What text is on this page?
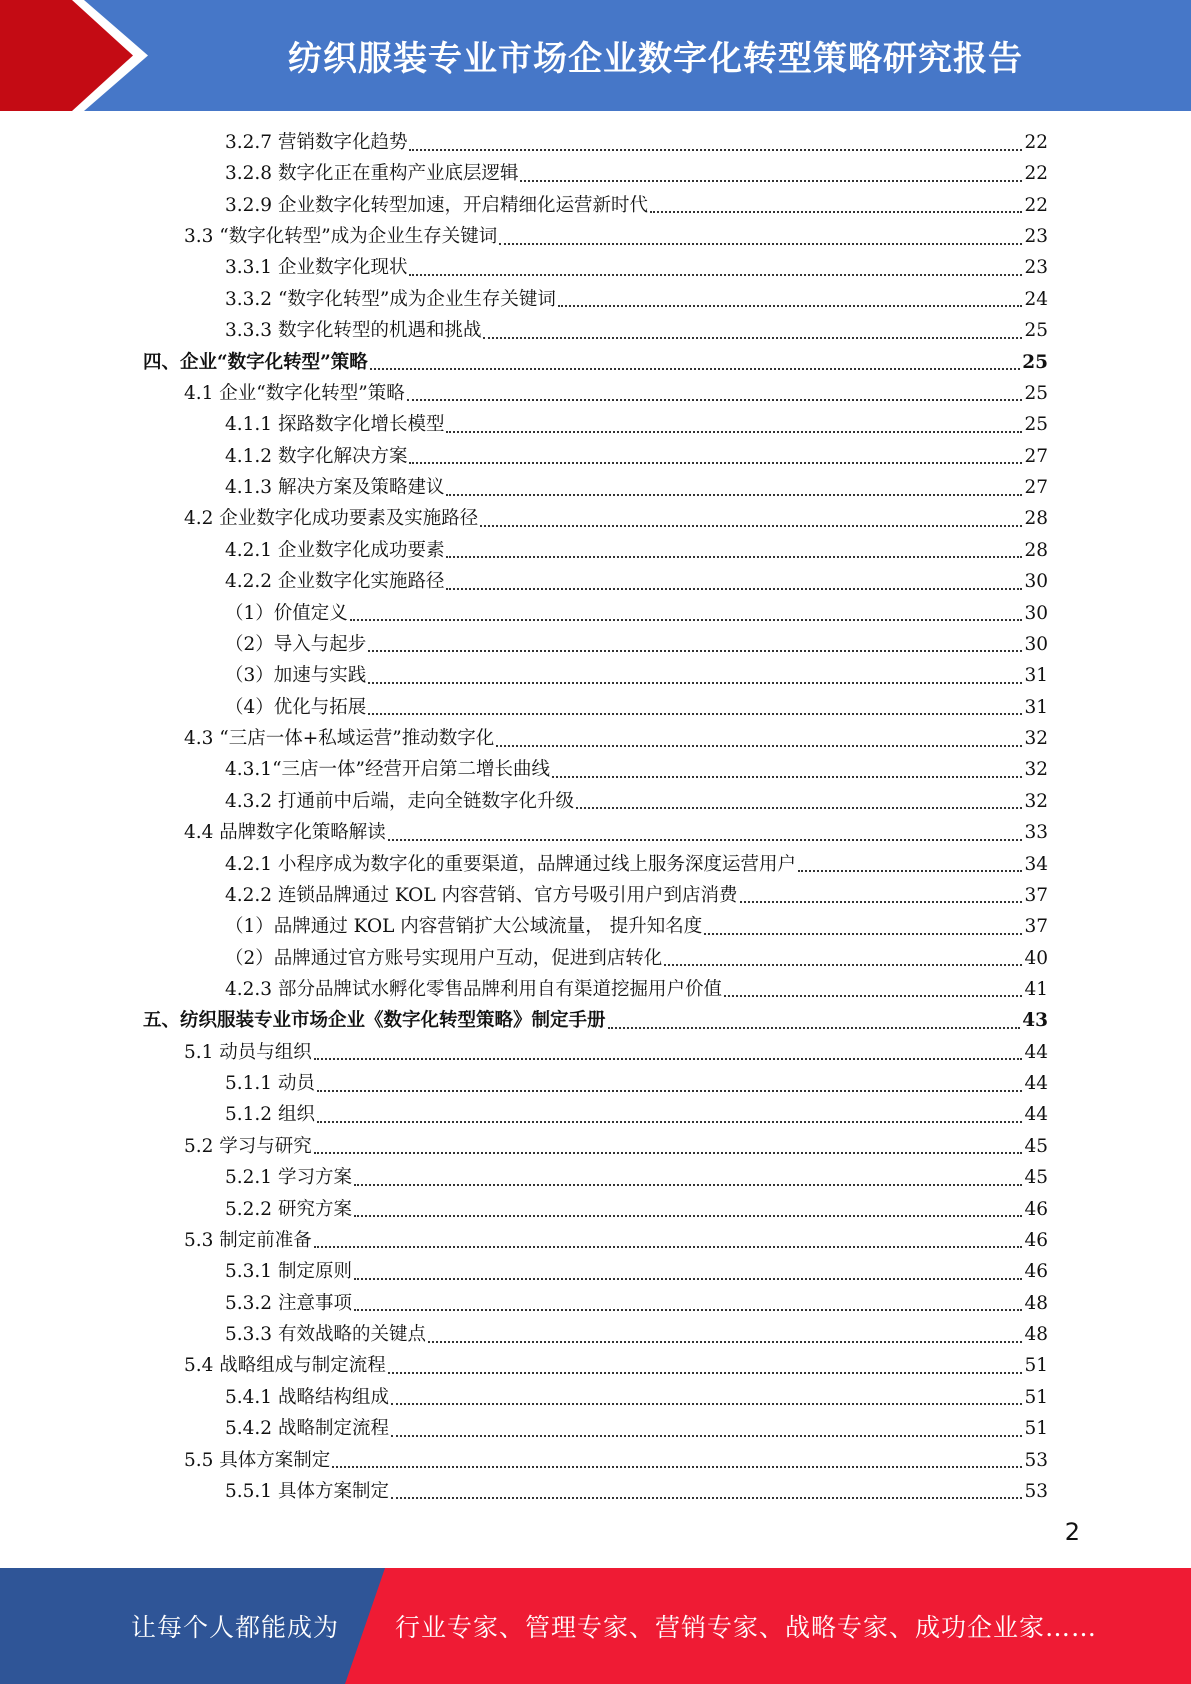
纺织服装专业市场企业数字化转型策略研究报告
3.2.7 营销数字化趋势	22
3.2.8 数字化正在重构产业底层逻辑	22
3.2.9 企业数字化转型加速，开启精细化运营新时代	22
3.3 “数字化转型”成为企业生存关键词	23
3.3.1 企业数字化现状	23
3.3.2 “数字化转型”成为企业生存关键词	24
3.3.3 数字化转型的机遇和挑战	25
四、企业“数字化转型”策略	25
4.1 企业“数字化转型”策略	25
4.1.1 探路数字化增长模型	25
4.1.2 数字化解决方案	27
4.1.3 解决方案及策略建议	27
4.2 企业数字化成功要素及实施路径	28
4.2.1 企业数字化成功要素	28
4.2.2 企业数字化实施路径	30
（1）价值定义	30
（2）导入与起步	30
（3）加速与实践	31
（4）优化与拓展	31
4.3 “三店一体+私域运营”推动数字化	32
4.3.1“三店一体”经营开启第二增长曲线	32
4.3.2 打通前中后端，走向全链数字化升级	32
4.4 品牌数字化策略解读	33
4.2.1 小程序成为数字化的重要渠道，品牌通过线上服务深度运营用户	34
4.2.2 连锁品牌通过 KOL 内容营销、官方号吸引用户到店消费	37
（1）品牌通过 KOL 内容营销扩大公域流量， 提升知名度	37
（2）品牌通过官方账号实现用户互动，促进到店转化	40
4.2.3 部分品牌试水孵化零售品牌利用自有渠道挖掘用户价值	41
五、纺织服装专业市场企业《数字化转型策略》制定手册	43
5.1 动员与组织	44
5.1.1 动员	44
5.1.2 组织	44
5.2 学习与研究	45
5.2.1 学习方案	45
5.2.2 研究方案	46
5.3 制定前准备	46
5.3.1 制定原则	46
5.3.2 注意事项	48
5.3.3 有效战略的关键点	48
5.4 战略组成与制定流程	51
5.4.1 战略结构组成	51
5.4.2 战略制定流程	51
5.5 具体方案制定	53
5.5.1 具体方案制定	53
2
让每个人都能成为	行业专家、管理专家、营销专家、战略专家、成功企业家……
